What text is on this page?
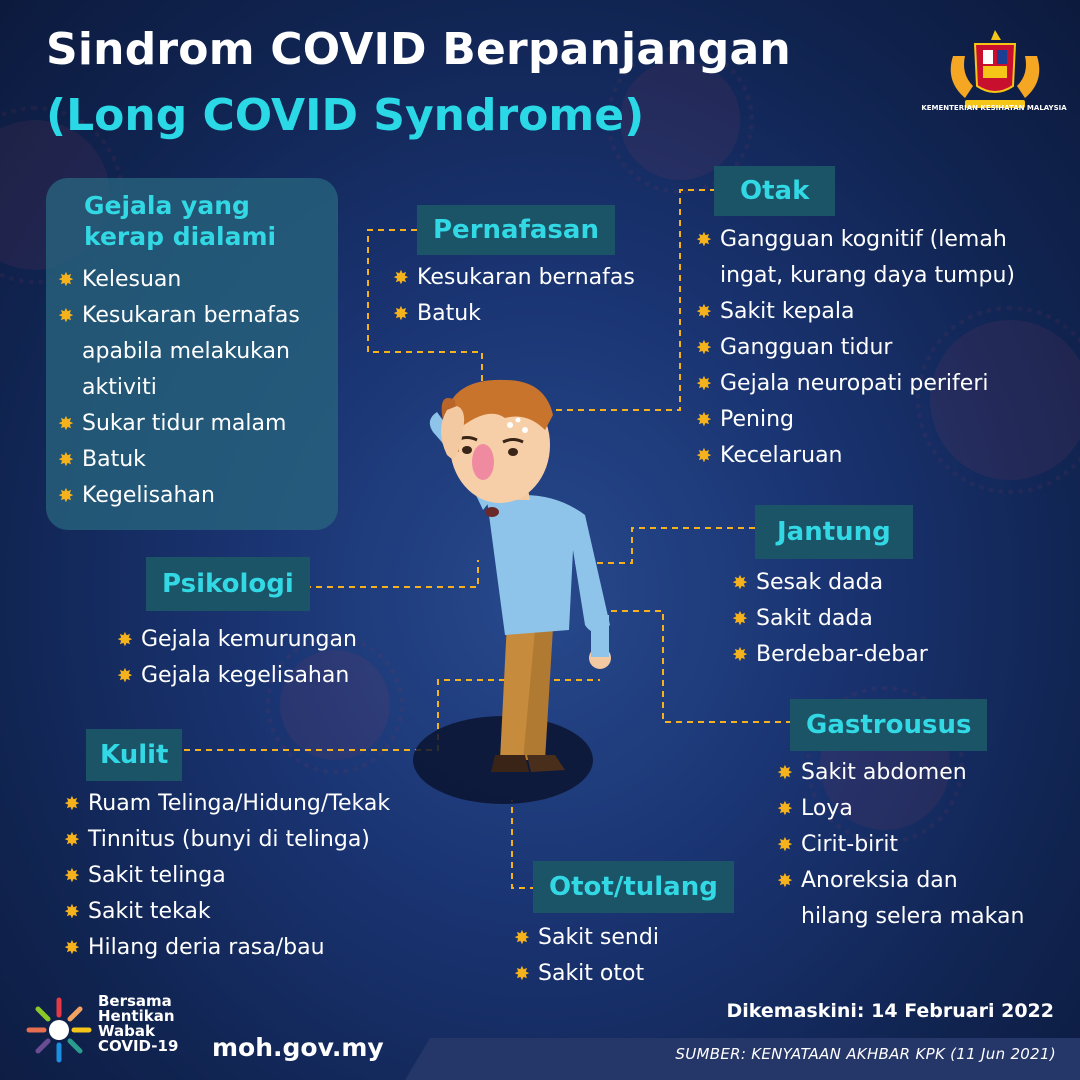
Sindrom COVID Berpanjangan
(Long COVID Syndrome)	KEMENTERIAN KESIHATAN MALAYSIA
Gejala yang
kerap dialami
✸ Kelesuan
✸ Kesukaran bernafas
apabila melakukan
aktiviti
✸ Sukar tidur malam
✸ Batuk
✸ Kegelisahan
Pernafasan
✸ Kesukaran bernafas
✸ Batuk
Otak
✸ Gangguan kognitif (lemah
ingat, kurang daya tumpu)
✸ Sakit kepala
✸ Gangguan tidur
✸ Gejala neuropati periferi
✸ Pening
✸ Kecelaruan
Psikologi
✸ Gejala kemurungan
✸ Gejala kegelisahan
Jantung
✸ Sesak dada
✸ Sakit dada
✸ Berdebar-debar
Gastrousus
✸ Sakit abdomen
✸ Loya
✸ Cirit-birit
✸ Anoreksia dan
hilang selera makan
Kulit
✸ Ruam Telinga/Hidung/Tekak
✸ Tinnitus (bunyi di telinga)
✸ Sakit telinga
✸ Sakit tekak
✸ Hilang deria rasa/bau
Otot/tulang
✸ Sakit sendi
✸ Sakit otot
Dikemaskini: 14 Februari 2022
SUMBER: KENYATAAN AKHBAR KPK (11 Jun 2021)
Bersama
Hentikan
Wabak
COVID-19 moh.gov.my
